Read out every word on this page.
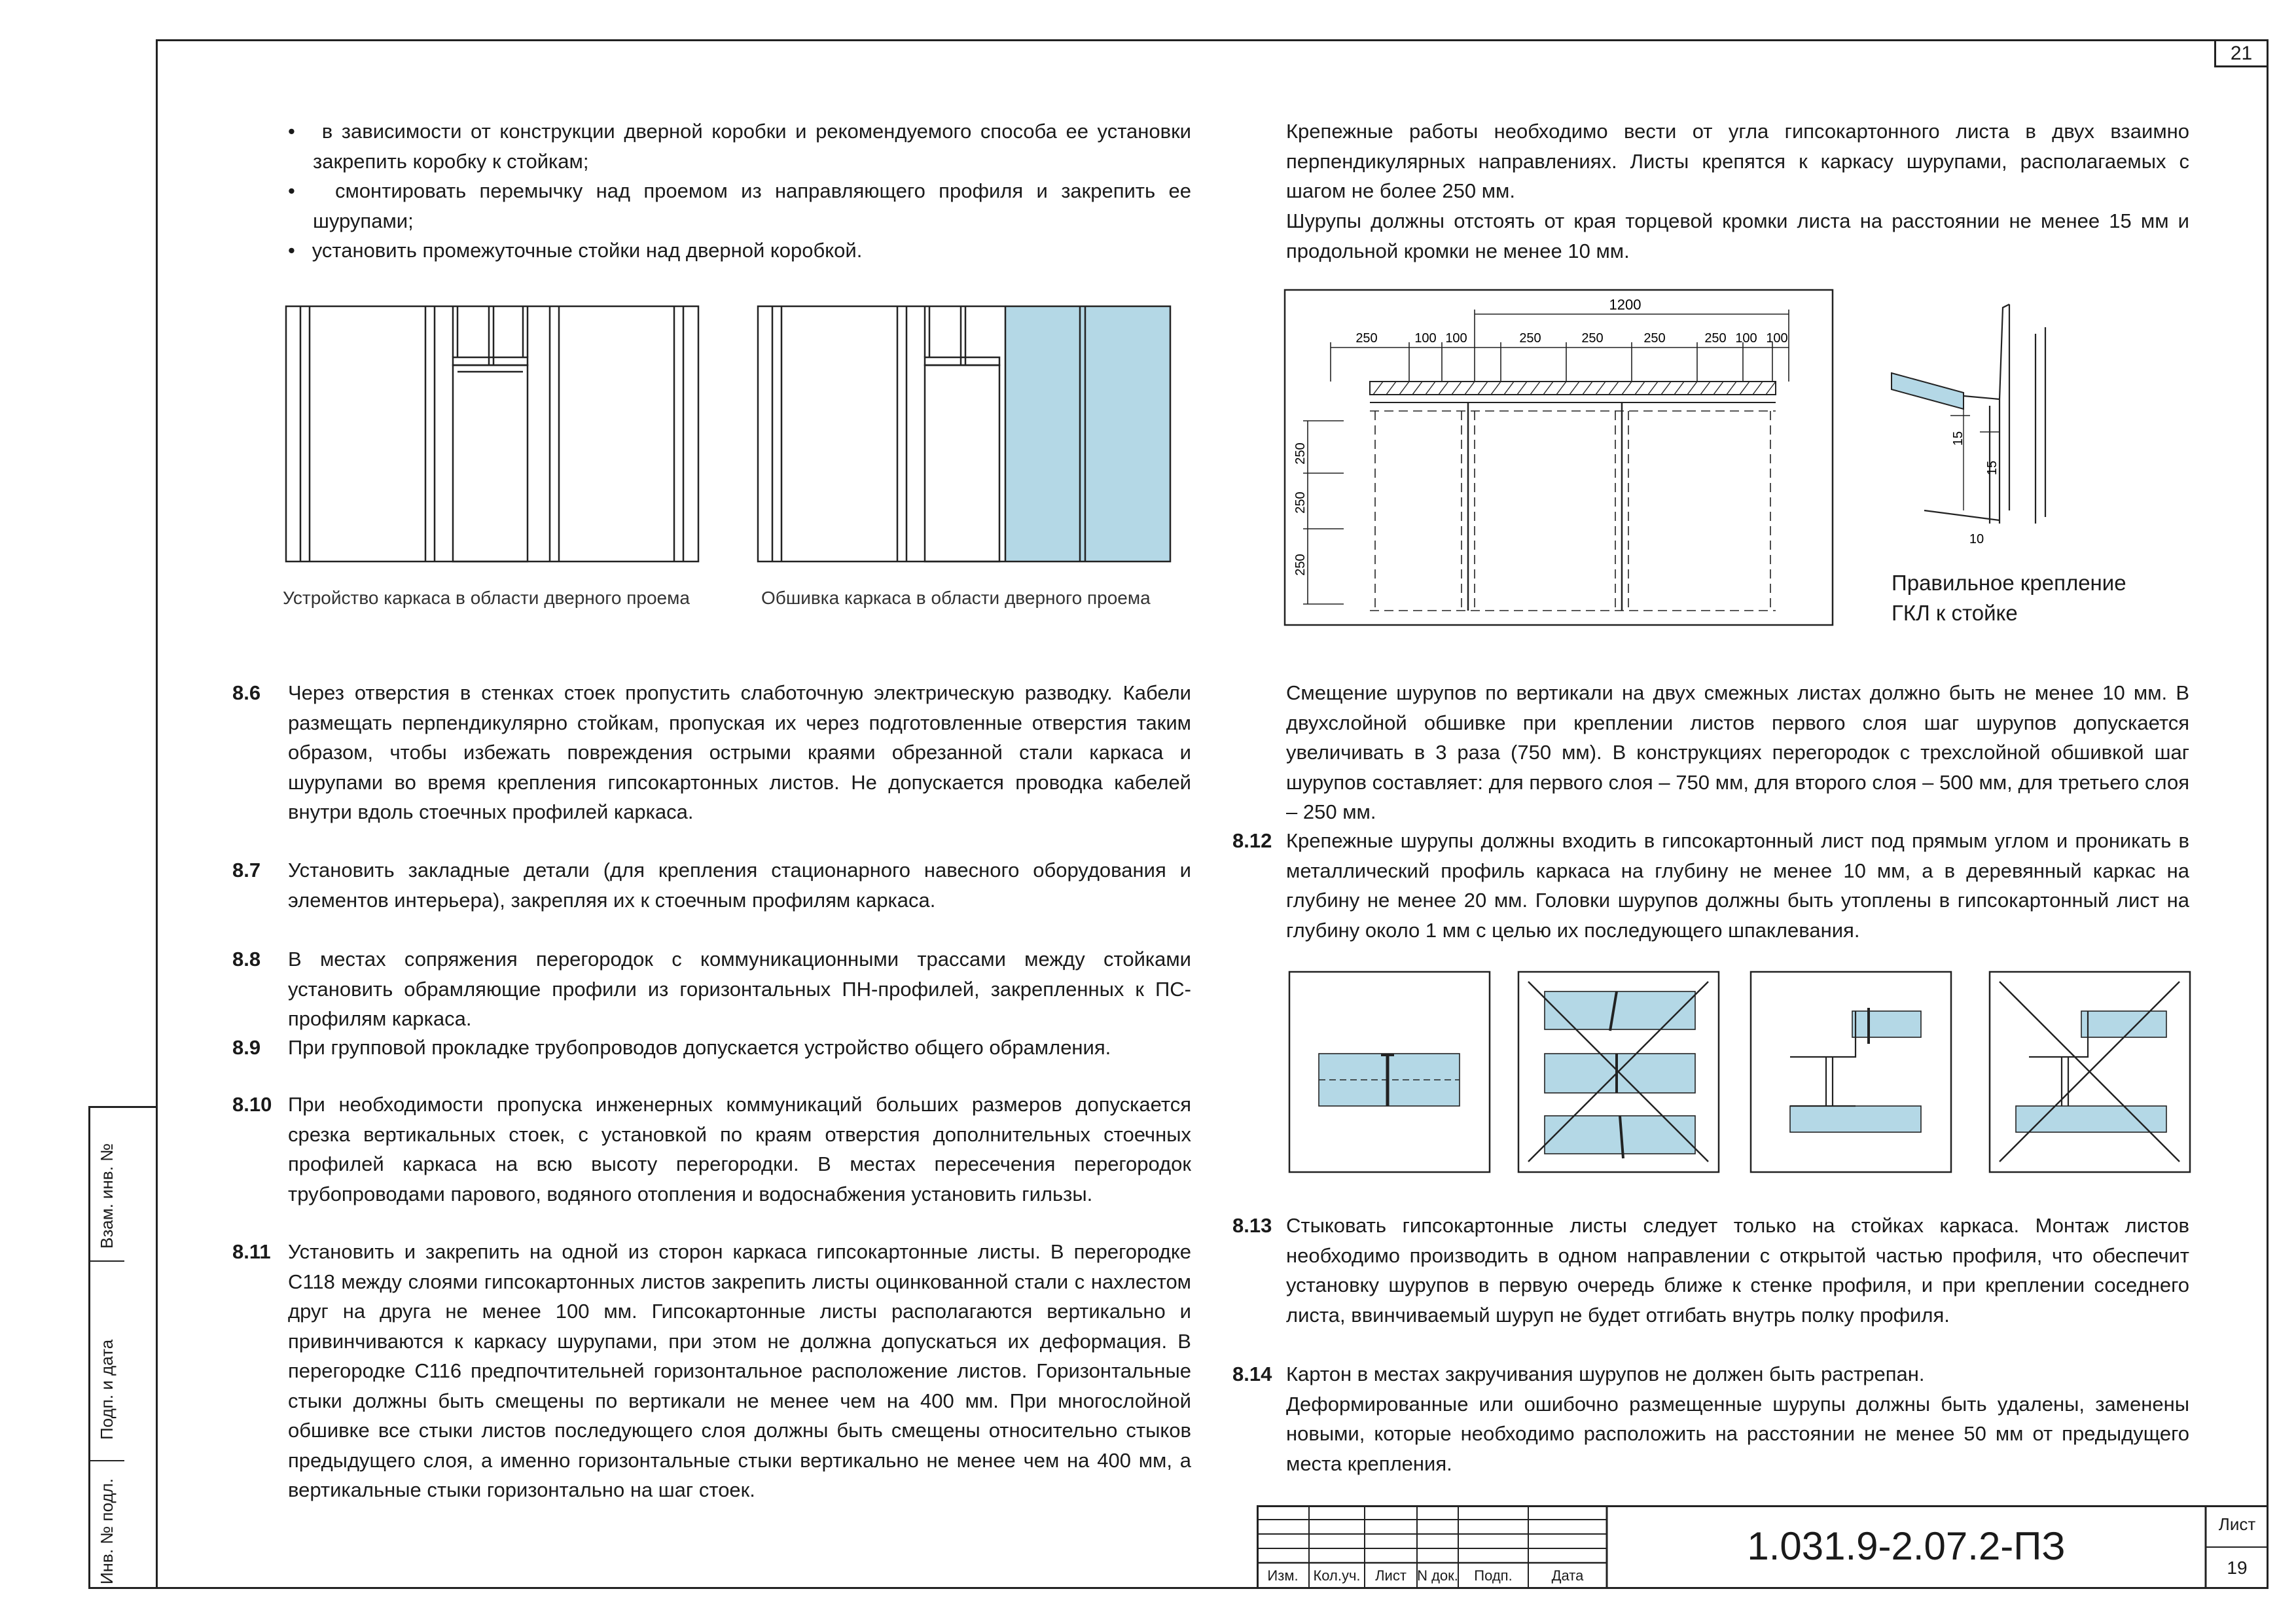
21
Взам. инв. №
Подп. и дата
Инв. № подл.
•   в зависимости от конструкции дверной коробки и рекомендуемого способа ее установки закрепить коробку к стойкам;
•   смонтировать перемычку над проемом из направляющего профиля и закрепить ее шурупами;
•   установить промежуточные стойки над дверной коробкой.
Устройство каркаса в области дверного проема	Обшивка каркаса в области дверного проема
8.6 Через отверстия в стенках стоек пропустить слаботочную электрическую разводку. Кабели размещать перпендикулярно стойкам, пропуская их через подготовленные отверстия таким образом, чтобы избежать повреждения острыми краями обрезанной стали каркаса и шурупами во время крепления гипсокартонных листов. Не допускается проводка кабелей внутри вдоль стоечных профилей каркаса.
8.7 Установить закладные детали (для крепления стационарного навесного оборудования и элементов интерьера), закрепляя их к стоечным профилям каркаса.
8.8 В местах сопряжения перегородок с коммуникационными трассами между стойками установить обрамляющие профили из горизонтальных ПН-профилей, закрепленных к ПС-профилям каркаса.
8.9 При групповой прокладке трубопроводов допускается устройство общего обрамления.
8.10 При необходимости пропуска инженерных коммуникаций больших размеров допускается срезка вертикальных стоек, с установкой по краям отверстия дополнительных стоечных профилей каркаса на всю высоту перегородки. В местах пересечения перегородок трубопроводами парового, водяного отопления и водоснабжения установить гильзы.
8.11 Установить и закрепить на одной из сторон каркаса гипсокартонные листы. В перегородке С118 между слоями гипсокартонных листов закрепить листы оцинкованной стали с нахлестом друг на друга не менее 100 мм. Гипсокартонные листы располагаются вертикально и привинчиваются к каркасу шурупами, при этом не должна допускаться их деформация. В перегородке С116 предпочтительней горизонтальное расположение листов. Горизонтальные стыки должны быть смещены по вертикали не менее чем на 400 мм. При многослойной обшивке все стыки листов последующего слоя должны быть смещены относительно стыков предыдущего слоя, а именно горизонтальные стыки вертикально не менее чем на 400 мм, а вертикальные стыки горизонтально на шаг стоек.
Крепежные работы необходимо вести от угла гипсокартонного листа в двух взаимно перпендикулярных направлениях. Листы крепятся к каркасу шурупами, располагаемых с шагом не более 250 мм.
Шурупы должны отстоять от края торцевой кромки листа на расстоянии не менее 15 мм и продольной кромки не менее 10 мм.
1200
250	100 100	250	250	250	250 100 100
250
250
250
15
15
10
Правильное крепление
ГКЛ к стойке
Смещение шурупов по вертикали на двух смежных листах должно быть не менее 10 мм. В двухслойной обшивке при креплении листов первого слоя шаг шурупов допускается увеличивать в 3 раза (750 мм). В конструкциях перегородок с трехслойной обшивкой шаг шурупов составляет: для первого слоя – 750 мм, для второго слоя – 500 мм, для третьего слоя – 250 мм.
8.12 Крепежные шурупы должны входить в гипсокартонный лист под прямым углом и проникать в металлический профиль каркаса на глубину не менее 10 мм, а в деревянный каркас на глубину не менее 20 мм. Головки шурупов должны быть утоплены в гипсокартонный лист на глубину около 1 мм с целью их последующего шпаклевания.
8.13 Стыковать гипсокартонные листы следует только на стойках каркаса. Монтаж листов необходимо производить в одном направлении с открытой частью профиля, что обеспечит установку шурупов в первую очередь ближе к стенке профиля, и при креплении соседнего листа, ввинчиваемый шуруп не будет отгибать внутрь полку профиля.
8.14 Картон в местах закручивания шурупов не должен быть растрепан.
Деформированные или ошибочно размещенные шурупы должны быть удалены, заменены новыми, которые необходимо расположить на расстоянии не менее 50 мм от предыдущего места крепления.
Изм.	Кол.уч.	Лист N док.	Подп.	Дата
1.031.9-2.07.2-ПЗ	Лист
19
